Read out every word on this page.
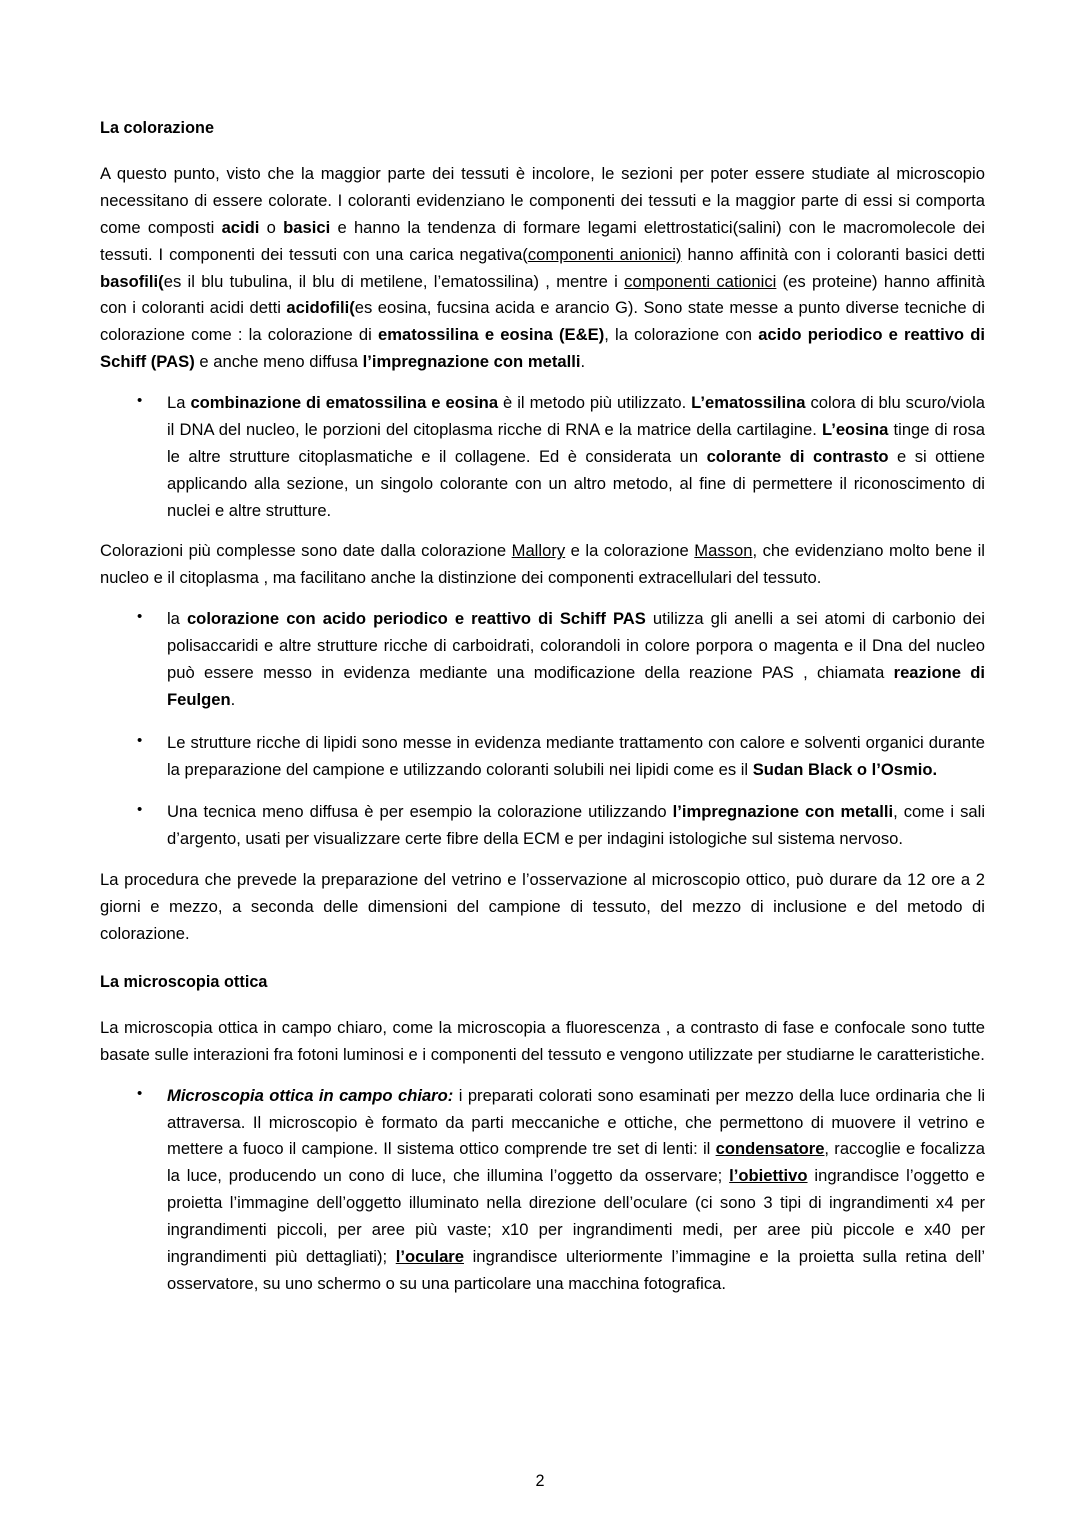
La colorazione

A questo punto, visto che la maggior parte dei tessuti è incolore, le sezioni per poter essere studiate al microscopio necessitano di essere colorate. I coloranti evidenziano le componenti dei tessuti e la maggior parte di essi si comporta come composti acidi o basici e hanno la tendenza di formare legami elettrostatici(salini) con le macromolecole dei tessuti. I componenti dei tessuti con una carica negativa(componenti anionici) hanno affinità con i coloranti basici detti basofili(es il blu tubulina, il blu di metilene, l’ematossilina) , mentre i componenti cationici (es proteine) hanno affinità con i coloranti acidi detti acidofili(es eosina, fucsina acida e arancio G). Sono state messe a punto diverse tecniche di colorazione come : la colorazione di ematossilina e eosina (E&E), la colorazione con acido periodico e reattivo di Schiff (PAS) e anche meno diffusa l’impregnazione con metalli.

• La combinazione di ematossilina e eosina è il metodo più utilizzato. L’ematossilina colora di blu scuro/viola il DNA del nucleo, le porzioni del citoplasma ricche di RNA e la matrice della cartilagine. L’eosina tinge di rosa le altre strutture citoplasmatiche e il collagene. Ed è considerata un colorante di contrasto e si ottiene applicando alla sezione, un singolo colorante con un altro metodo, al fine di permettere il riconoscimento di nuclei e altre strutture.

Colorazioni più complesse sono date dalla colorazione Mallory e la colorazione Masson, che evidenziano molto bene il nucleo e il citoplasma , ma facilitano anche la distinzione dei componenti extracellulari del tessuto.

• la colorazione con acido periodico e reattivo di Schiff PAS utilizza gli anelli a sei atomi di carbonio dei polisaccaridi e altre strutture ricche di carboidrati, colorandoli in colore porpora o magenta e il Dna del nucleo può essere messo in evidenza mediante una modificazione della reazione PAS , chiamata reazione di Feulgen.
• Le strutture ricche di lipidi sono messe in evidenza mediante trattamento con calore e solventi organici durante la preparazione del campione e utilizzando coloranti solubili nei lipidi come es il Sudan Black o l’Osmio.
• Una tecnica meno diffusa è per esempio la colorazione utilizzando l’impregnazione con metalli, come i sali d’argento, usati per visualizzare certe fibre della ECM e per indagini istologiche sul sistema nervoso.

La procedura che prevede la preparazione del vetrino e l’osservazione al microscopio ottico, può durare da 12 ore a 2 giorni e mezzo, a seconda delle dimensioni del campione di tessuto, del mezzo di inclusione e del metodo di colorazione.

La microscopia ottica

La microscopia ottica in campo chiaro, come la microscopia a fluorescenza , a contrasto di fase e confocale sono tutte basate sulle interazioni fra fotoni luminosi e i componenti del tessuto e vengono utilizzate per studiarne le caratteristiche.

• Microscopia ottica in campo chiaro: i preparati colorati sono esaminati per mezzo della luce ordinaria che li attraversa. Il microscopio è formato da parti meccaniche e ottiche, che permettono di muovere il vetrino e mettere a fuoco il campione. Il sistema ottico comprende tre set di lenti: il condensatore, raccoglie e focalizza la luce, producendo un cono di luce, che illumina l’oggetto da osservare; l’obiettivo ingrandisce l’oggetto e proietta l’immagine dell’oggetto illuminato nella direzione dell’oculare (ci sono 3 tipi di ingrandimenti x4 per ingrandimenti piccoli, per aree più vaste; x10 per ingrandimenti medi, per aree più piccole e x40 per ingrandimenti più dettagliati); l’oculare ingrandisce ulteriormente l’immagine e la proietta sulla retina dell’ osservatore, su uno schermo o su una particolare una macchina fotografica.
2
